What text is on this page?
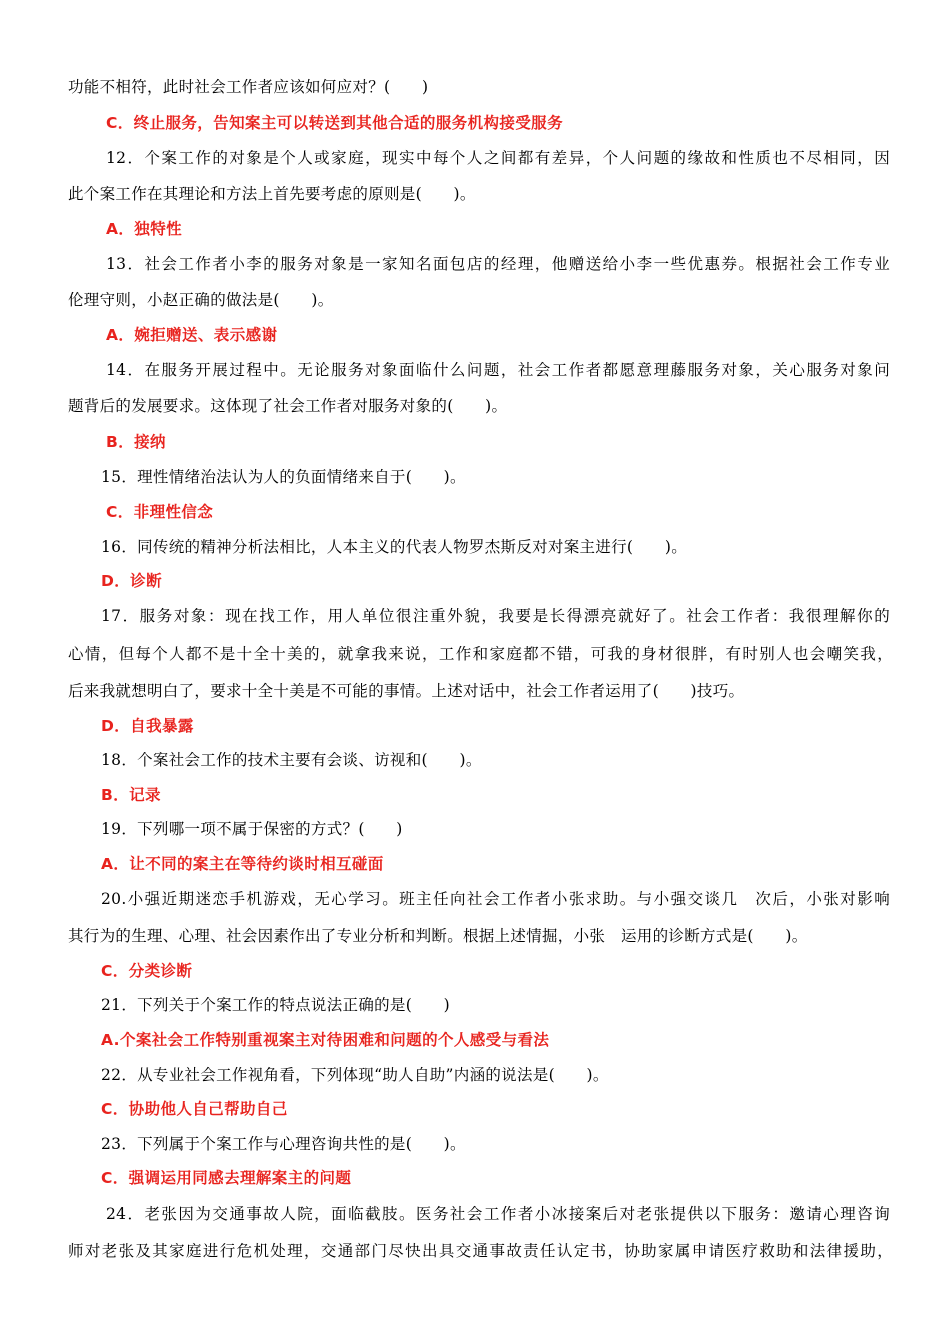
功能不相符，此时社会工作者应该如何应对？(　　)
C．终止服务，告知案主可以转送到其他合适的服务机构接受服务
12．个案工作的对象是个人或家庭，现实中每个人之间都有差异，个人问题的缘故和性质也不尽相同，因
此个案工作在其理论和方法上首先要考虑的原则是(　　)。
A．独特性
13．社会工作者小李的服务对象是一家知名面包店的经理，他赠送给小李一些优惠券。根据社会工作专业
伦理守则，小赵正确的做法是(　　)。
A．婉拒赠送、表示感谢
14．在服务开展过程中。无论服务对象面临什么问题，社会工作者都愿意理藤服务对象，关心服务对象问
题背后的发展要求。这体现了社会工作者对服务对象的(　　)。
B．接纳
15．理性情绪治法认为人的负面情绪来自于(　　)。
C．非理性信念
16．同传统的精神分析法相比，人本主义的代表人物罗杰斯反对对案主进行(　　)。
D．诊断
17．服务对象：现在找工作，用人单位很注重外貌，我要是长得漂亮就好了。社会工作者：我很理解你的
心情，但每个人都不是十全十美的，就拿我来说，工作和家庭都不错，可我的身材很胖，有时别人也会嘲笑我，
后来我就想明白了，要求十全十美是不可能的事情。上述对话中，社会工作者运用了(　　)技巧。
D．自我暴露
18．个案社会工作的技术主要有会谈、访视和(　　)。
B．记录
19．下列哪一项不属于保密的方式？(　　)
A．让不同的案主在等待约谈时相互碰面
20.小强近期迷恋手机游戏，无心学习。班主任向社会工作者小张求助。与小强交谈几　次后，小张对影响
其行为的生理、心理、社会因素作出了专业分析和判断。根据上述情掘，小张　运用的诊断方式是(　　)。
C．分类诊断
21．下列关于个案工作的特点说法正确的是(　　)
A.个案社会工作特别重视案主对待困难和问题的个人感受与看法
22．从专业社会工作视角看，下列体现“助人自助”内涵的说法是(　　)。
C．协助他人自己帮助自己
23．下列属于个案工作与心理咨询共性的是(　　)。
C．强调运用同感去理解案主的问题
24．老张因为交通事故人院，面临截肢。医务社会工作者小冰接案后对老张提供以下服务：邀请心理咨询
师对老张及其家庭进行危机处理，交通部门尽快出具交通事故责任认定书，协助家属申请医疗救助和法律援助，
